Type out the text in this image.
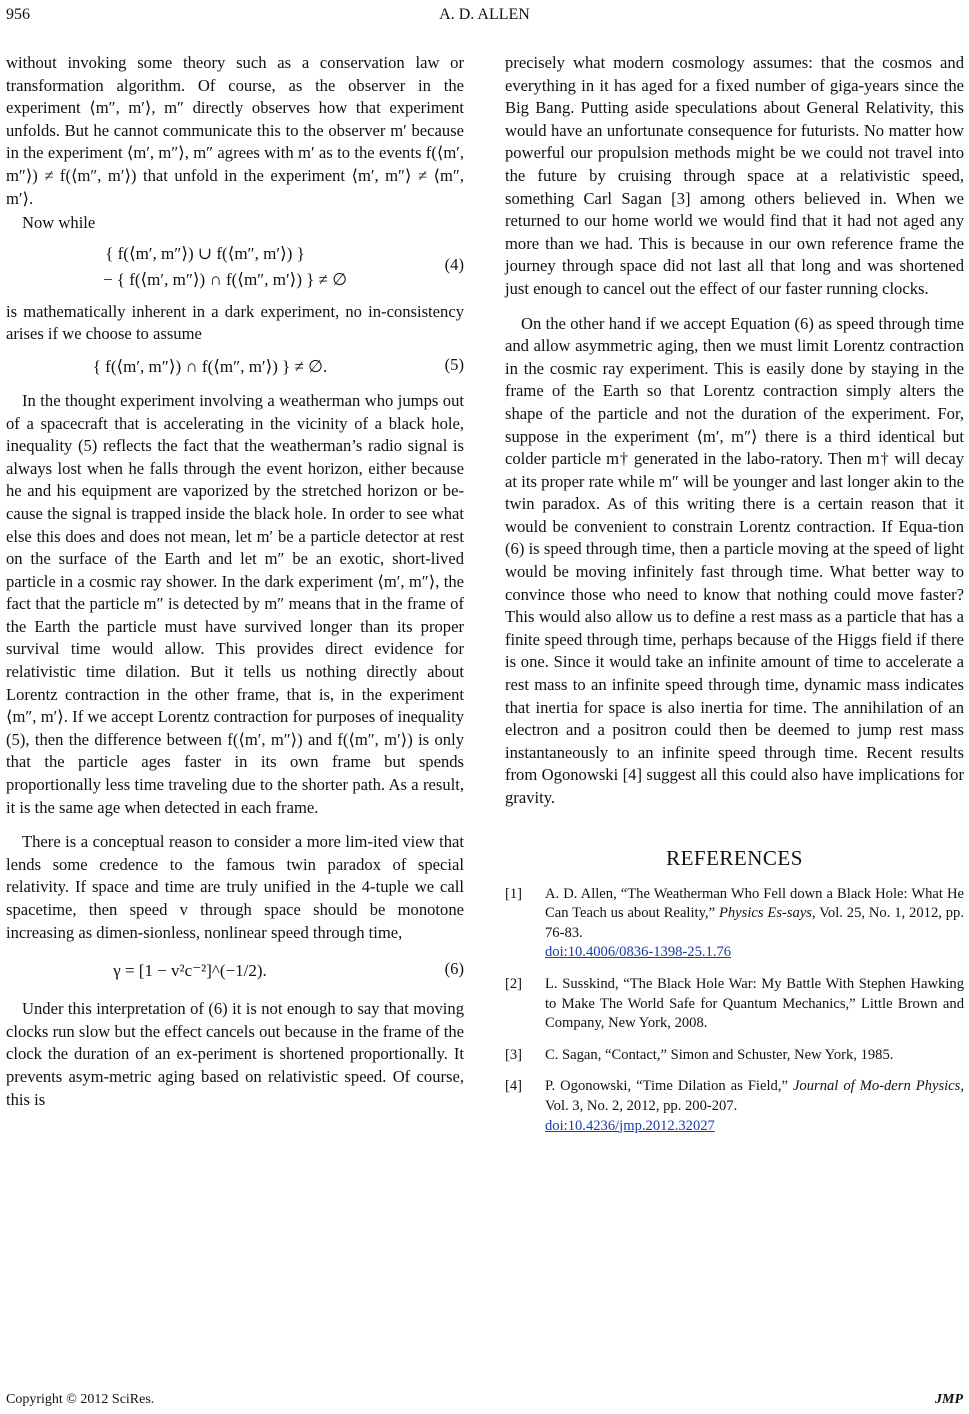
956	A. D. ALLEN

without invoking some theory such as a conservation law or transformation algorithm. Of course, as the observer in the experiment ⟨m″, m′⟩, m″ directly observes how that experiment unfolds. But he cannot communicate this to the observer m′ because in the experiment ⟨m′, m″⟩, m″ agrees with m′ as to the events f(⟨m′, m″⟩) ≠ f(⟨m″, m′⟩) that unfold in the experiment ⟨m′, m″⟩ ≠ ⟨m″, m′⟩.

Now while

{ f(⟨m′, m″⟩) ∪ f(⟨m″, m′⟩) }
− { f(⟨m′, m″⟩) ∩ f(⟨m″, m′⟩) } ≠ ∅
(4)

is mathematically inherent in a dark experiment, no in-consistency arises if we choose to assume

{ f(⟨m′, m″⟩) ∩ f(⟨m″, m′⟩) } ≠ ∅.	(5)

In the thought experiment involving a weatherman who jumps out of a spacecraft that is accelerating in the vicinity of a black hole, inequality (5) reflects the fact that the weatherman’s radio signal is always lost when he falls through the event horizon, either because he and his equipment are vaporized by the stretched horizon or be-cause the signal is trapped inside the black hole. In order to see what else this does and does not mean, let m′ be a particle detector at rest on the surface of the Earth and let m″ be an exotic, short-lived particle in a cosmic ray shower. In the dark experiment ⟨m′, m″⟩, the fact that the particle m″ is detected by m″ means that in the frame of the Earth the particle must have survived longer than its proper survival time would allow. This provides direct evidence for relativistic time dilation. But it tells us nothing directly about Lorentz contraction in the other frame, that is, in the experiment ⟨m″, m′⟩. If we accept Lorentz contraction for purposes of inequality (5), then the difference between f(⟨m′, m″⟩) and f(⟨m″, m′⟩) is only that the particle ages faster in its own frame but spends proportionally less time traveling due to the shorter path. As a result, it is the same age when detected in each frame.

There is a conceptual reason to consider a more lim-ited view that lends some credence to the famous twin paradox of special relativity. If space and time are truly unified in the 4-tuple we call spacetime, then speed v through space should be monotone increasing as dimen-sionless, nonlinear speed through time,

γ = [1 − v²c⁻²]^(−1/2).	(6)

Under this interpretation of (6) it is not enough to say that moving clocks run slow but the effect cancels out because in the frame of the clock the duration of an ex-periment is shortened proportionally. It prevents asym-metric aging based on relativistic speed. Of course, this is

precisely what modern cosmology assumes: that the cosmos and everything in it has aged for a fixed number of giga-years since the Big Bang. Putting aside speculations about General Relativity, this would have an unfortunate consequence for futurists. No matter how powerful our propulsion methods might be we could not travel into the future by cruising through space at a relativistic speed, something Carl Sagan [3] among others believed in. When we returned to our home world we would find that it had not aged any more than we had. This is because in our own reference frame the journey through space did not last all that long and was shortened just enough to cancel out the effect of our faster running clocks.

On the other hand if we accept Equation (6) as speed through time and allow asymmetric aging, then we must limit Lorentz contraction in the cosmic ray experiment. This is easily done by staying in the frame of the Earth so that Lorentz contraction simply alters the shape of the particle and not the duration of the experiment. For, suppose in the experiment ⟨m′, m″⟩ there is a third identical but colder particle m† generated in the labo-ratory. Then m† will decay at its proper rate while m″ will be younger and last longer akin to the twin paradox. As of this writing there is a certain reason that it would be convenient to constrain Lorentz contraction. If Equa-tion (6) is speed through time, then a particle moving at the speed of light would be moving infinitely fast through time. What better way to convince those who need to know that nothing could move faster? This would also allow us to define a rest mass as a particle that has a finite speed through time, perhaps because of the Higgs field if there is one. Since it would take an infinite amount of time to accelerate a rest mass to an infinite speed through time, dynamic mass indicates that inertia for space is also inertia for time. The annihilation of an electron and a positron could then be deemed to jump rest mass instantaneously to an infinite speed through time. Recent results from Ogonowski [4] suggest all this could also have implications for gravity.

REFERENCES
[1] A. D. Allen, “The Weatherman Who Fell down a Black Hole: What He Can Teach us about Reality,” Physics Es-says, Vol. 25, No. 1, 2012, pp. 76-83.
doi:10.4006/0836-1398-25.1.76
[2] L. Susskind, “The Black Hole War: My Battle With Stephen Hawking to Make The World Safe for Quantum Mechanics,” Little Brown and Company, New York, 2008.
[3] C. Sagan, “Contact,” Simon and Schuster, New York, 1985.
[4] P. Ogonowski, “Time Dilation as Field,” Journal of Mo-dern Physics, Vol. 3, No. 2, 2012, pp. 200-207.
doi:10.4236/jmp.2012.32027
Copyright © 2012 SciRes.	JMP
